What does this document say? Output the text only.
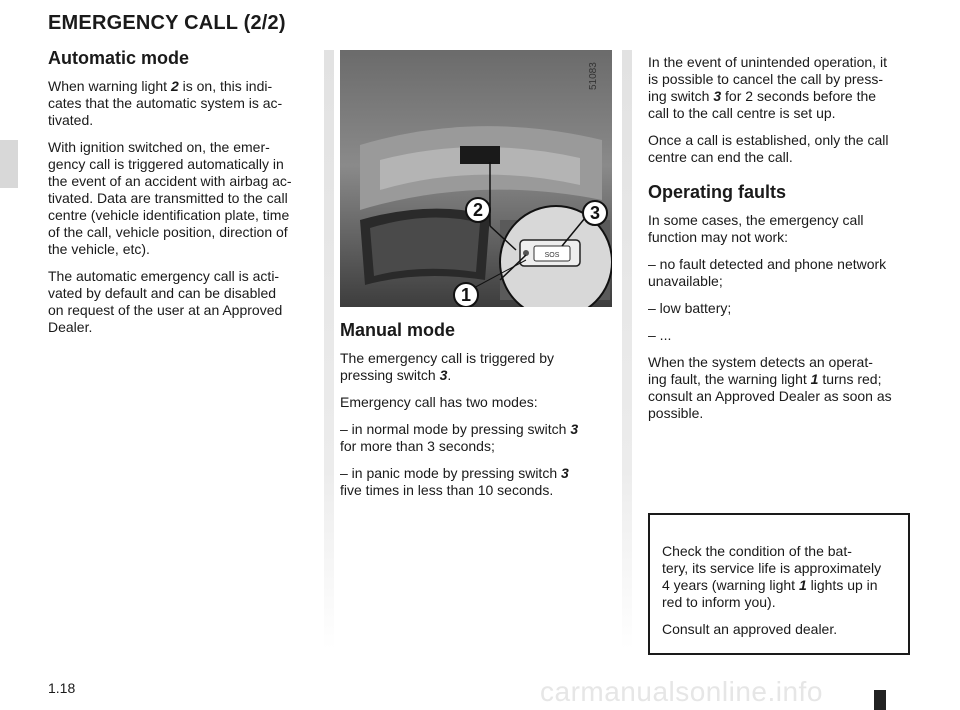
EMERGENCY CALL (2/2)
Automatic mode

When warning light 2 is on, this indi-
cates that the automatic system is ac-
tivated.

With ignition switched on, the emer-
gency call is triggered automatically in
the event of an accident with airbag ac-
tivated. Data are transmitted to the call
centre (vehicle identification plate, time
of the call, vehicle position, direction of
the vehicle, etc).

The automatic emergency call is acti-
vated by default and can be disabled
on request of the user at an Approved
Dealer.

SOS
51083
2	3
1
Manual mode

The emergency call is triggered by
pressing switch 3.

Emergency call has two modes:

– in normal mode by pressing switch 3
for more than 3 seconds;

– in panic mode by pressing switch 3
five times in less than 10 seconds.

In the event of unintended operation, it
is possible to cancel the call by press-
ing switch 3 for 2 seconds before the
call to the call centre is set up.

Once a call is established, only the call
centre can end the call.

Operating faults

In some cases, the emergency call
function may not work:

– no fault detected and phone network
unavailable;

– low battery;

– ...

When the system detects an operat-
ing fault, the warning light 1 turns red;
consult an Approved Dealer as soon as
possible.

Check the condition of the bat-
tery, its service life is approximately
4 years (warning light 1 lights up in
red to inform you).

Consult an approved dealer.

carmanualsonline.info
1.18
